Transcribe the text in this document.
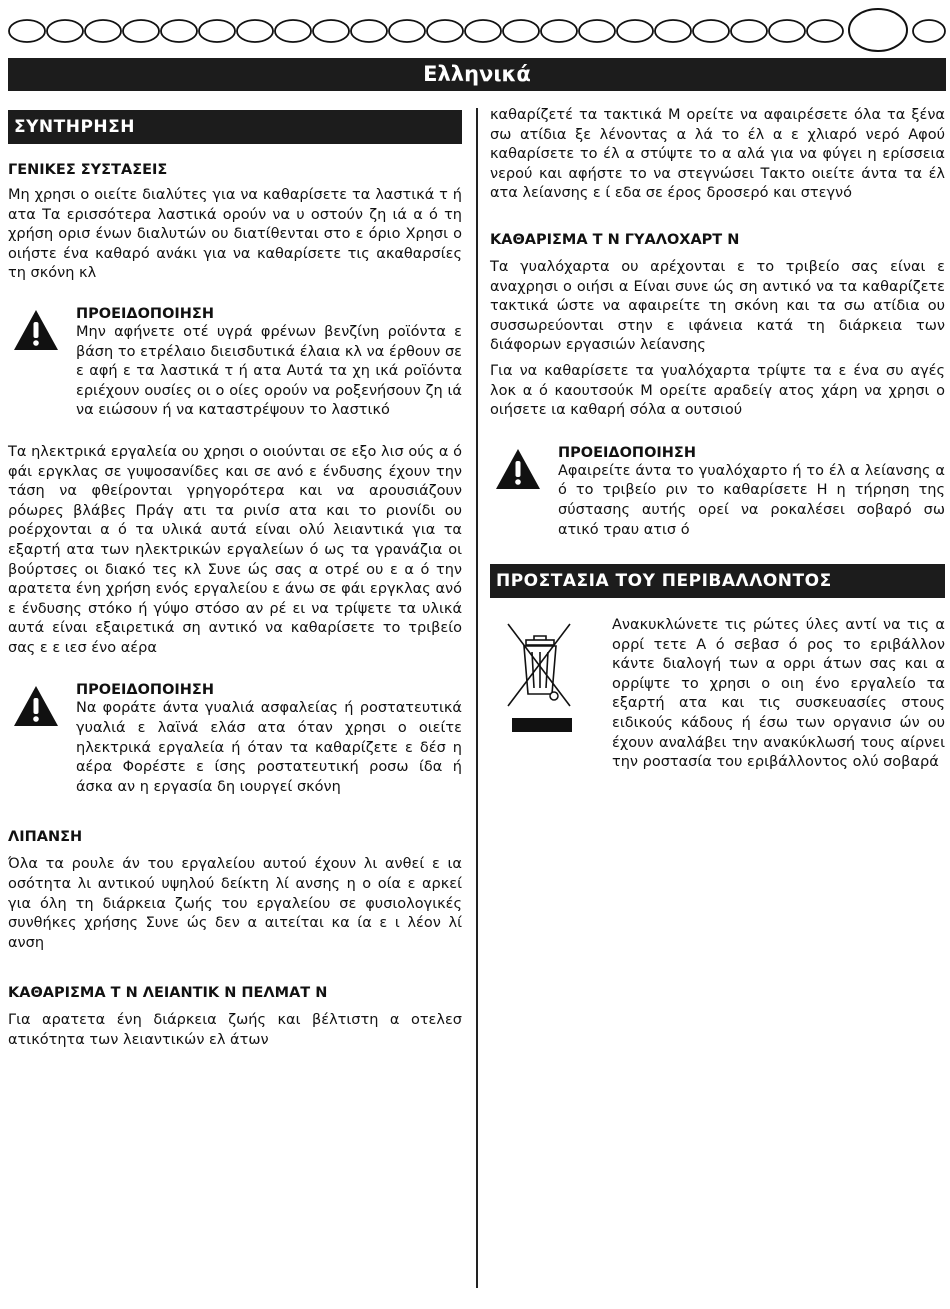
Ελληνικά
ΣΥΝΤΗΡΗΣΗ

ΓΕΝΙΚΕΣ ΣΥΣΤΑΣΕΙΣ

Μη χρησι ο οιείτε διαλύτες για να καθαρίσετε τα λαστικά τ ή ατα Τα ερισσότερα λαστικά ορούν να υ οστούν ζη ιά α ό τη χρήση ορισ ένων διαλυτών ου διατίθενται στο ε όριο Χρησι ο οιήστε ένα καθαρό ανάκι για να καθαρίσετε τις ακαθαρσίες τη σκόνη κλ

ΠΡΟΕΙΔΟΠΟΙΗΣΗ

Μην αφήνετε οτέ υγρά φρένων βενζίνη ροϊόντα ε βάση το ετρέλαιο διεισδυτικά έλαια κλ να έρθουν σε ε αφή ε τα λαστικά τ ή ατα Αυτά τα χη ικά ροϊόντα εριέχουν ουσίες οι ο οίες ορούν να ροξενήσουν ζη ιά να ειώσουν ή να καταστρέψουν το λαστικό

Τα ηλεκτρικά εργαλεία ου χρησι ο οιούνται σε εξο λισ ούς α ό φάι εργκλας σε γυψοσανίδες και σε ανό ε ένδυσης έχουν την τάση να φθείρονται γρηγορότερα και να αρουσιάζουν ρόωρες βλάβες Πράγ ατι τα ρινίσ ατα και το ριονίδι ου ροέρχονται α ό τα υλικά αυτά είναι ολύ λειαντικά για τα εξαρτή ατα των ηλεκτρικών εργαλείων ό ως τα γρανάζια οι βούρτσες οι διακό τες κλ Συνε ώς σας α οτρέ ου ε α ό την αρατετα ένη χρήση ενός εργαλείου ε άνω σε φάι εργκλας ανό ε ένδυσης στόκο ή γύψο στόσο αν ρέ ει να τρίψετε τα υλικά αυτά είναι εξαιρετικά ση αντικό να καθαρίσετε το τριβείο σας ε ε ιεσ ένο αέρα

ΠΡΟΕΙΔΟΠΟΙΗΣΗ

Να φοράτε άντα γυαλιά ασφαλείας ή ροστατευτικά γυαλιά ε λαϊνά ελάσ ατα όταν χρησι ο οιείτε ηλεκτρικά εργαλεία ή όταν τα καθαρίζετε ε δέσ η αέρα Φορέστε ε ίσης ροστατευτική ροσω ίδα ή άσκα αν η εργασία δη ιουργεί σκόνη

ΛΙΠΑΝΣΗ

Όλα τα ρουλε άν του εργαλείου αυτού έχουν λι ανθεί ε ια οσότητα λι αντικού υψηλού δείκτη λί ανσης η ο οία ε αρκεί για όλη τη διάρκεια ζωής του εργαλείου σε φυσιολογικές συνθήκες χρήσης Συνε ώς δεν α αιτείται κα ία ε ι λέον λί ανση

ΚΑΘΑΡΙΣΜΑ Τ Ν ΛΕΙΑΝΤΙΚ Ν ΠΕΛΜΑΤ Ν

Για αρατετα ένη διάρκεια ζωής και βέλτιστη α οτελεσ ατικότητα των λειαντικών ελ άτων

καθαρίζετέ τα τακτικά Μ ορείτε να αφαιρέσετε όλα τα ξένα σω ατίδια ξε λένοντας α λά το έλ α ε χλιαρό νερό Αφού καθαρίσετε το έλ α στύψτε το α αλά για να φύγει η ερίσσεια νερού και αφήστε το να στεγνώσει Τακτο οιείτε άντα τα έλ ατα λείανσης ε ί εδα σε έρος δροσερό και στεγνό

ΚΑΘΑΡΙΣΜΑ Τ Ν ΓΥΑΛΟΧΑΡΤ Ν

Τα γυαλόχαρτα ου αρέχονται ε το τριβείο σας είναι ε αναχρησι ο οιήσι α Είναι συνε ώς ση αντικό να τα καθαρίζετε τακτικά ώστε να αφαιρείτε τη σκόνη και τα σω ατίδια ου συσσωρεύονται στην ε ιφάνεια κατά τη διάρκεια των διάφορων εργασιών λείανσης

Για να καθαρίσετε τα γυαλόχαρτα τρίψτε τα ε ένα συ αγές λοκ α ό καουτσούκ Μ ορείτε αραδείγ ατος χάρη να χρησι ο οιήσετε ια καθαρή σόλα α ουτσιού

ΠΡΟΕΙΔΟΠΟΙΗΣΗ

Αφαιρείτε άντα το γυαλόχαρτο ή το έλ α λείανσης α ό το τριβείο ριν το καθαρίσετε Η η τήρηση της σύστασης αυτής ορεί να ροκαλέσει σοβαρό σω ατικό τραυ ατισ ό

ΠΡΟΣΤΑΣΙΑ ΤΟΥ ΠΕΡΙΒΑΛΛΟΝΤΟΣ

Ανακυκλώνετε τις ρώτες ύλες αντί να τις α ορρί τετε Α ό σεβασ ό ρος το εριβάλλον κάντε διαλογή των α ορρι άτων σας και α ορρίψτε το χρησι ο οιη ένο εργαλείο τα εξαρτή ατα και τις συσκευασίες στους ειδικούς κάδους ή έσω των οργανισ ών ου έχουν αναλάβει την ανακύκλωσή τους αίρνει την ροστασία του εριβάλλοντος ολύ σοβαρά
